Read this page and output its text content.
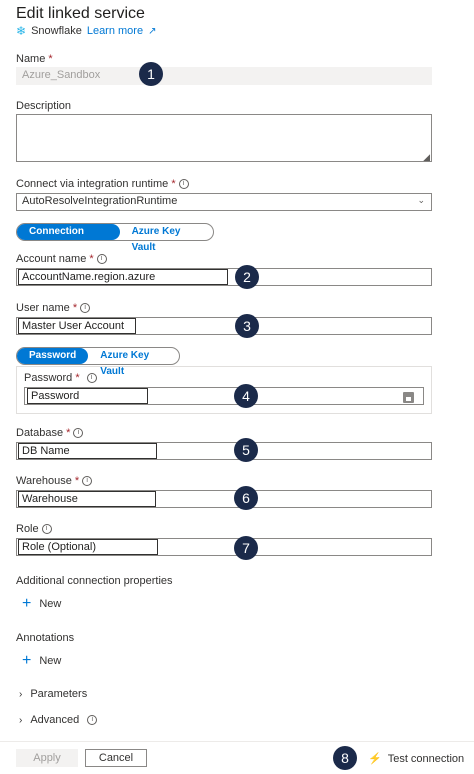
Edit linked service
❄ Snowflake Learn more ↗
Name *
Azure_Sandbox	1
Description
◢
Connect via integration runtime * i
AutoResolveIntegrationRuntime	⌄
Connection string
Azure Key Vault
Account name * i
AccountName.region.azure	2
User name * i
Master User Account	3
Password	Azure Key Vault
Password * i
Password	4
Database * i
DB Name	5
Warehouse * i
Warehouse	6
Role i
Role (Optional)	7
Additional connection properties
+ New
Annotations
+ New
› Parameters
› Advanced	i
Apply	Cancel	8	⚡ Test connection
